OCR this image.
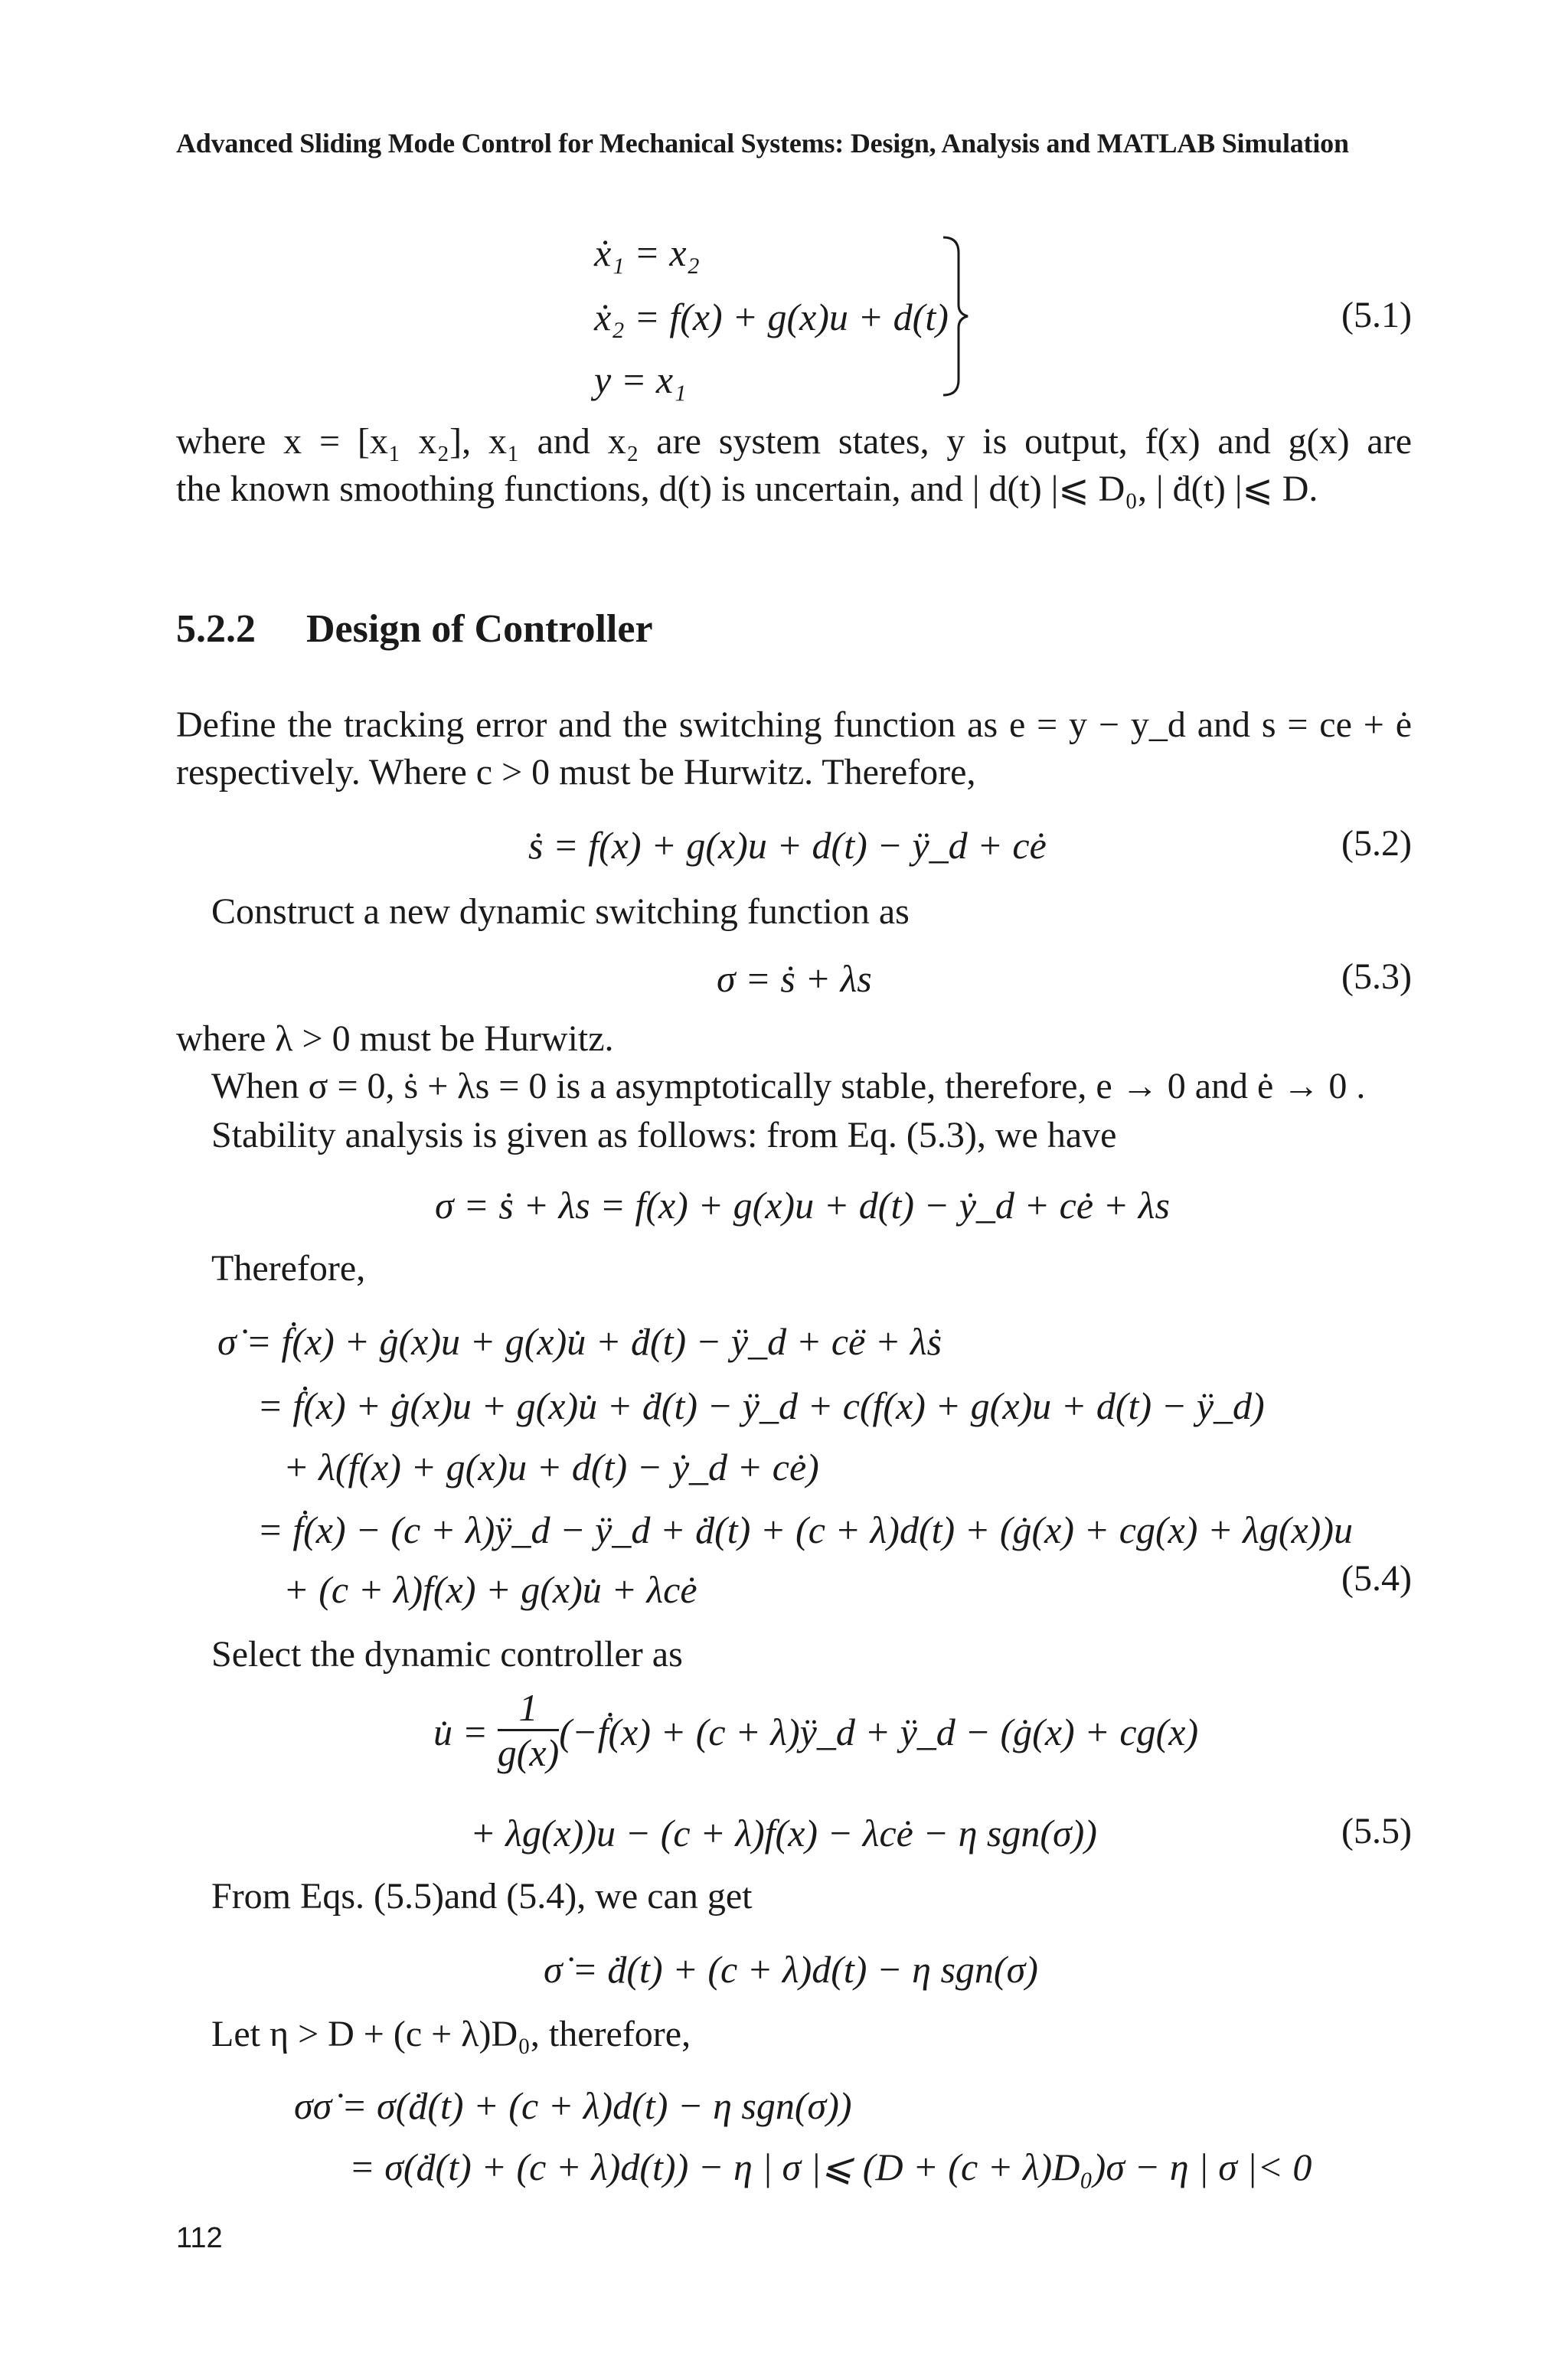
Advanced Sliding Mode Control for Mechanical Systems: Design, Analysis and MATLAB Simulation
ẋ₁ = x₂
ẋ₂ = f(x) + g(x)u + d(t)
y = x₁
(5.1)
where x = [x₁ x₂], x₁ and x₂ are system states, y is output, f(x) and g(x) are
the known smoothing functions, d(t) is uncertain, and | d(t) |⩽ D₀, | ḋ(t) |⩽ D.
5.2.2 Design of Controller
Define the tracking error and the switching function as e = y − y_d and s = ce + ė
respectively. Where c > 0 must be Hurwitz. Therefore,
ṡ = f(x) + g(x)u + d(t) − ÿ_d + cė	(5.2)
Construct a new dynamic switching function as
σ = ṡ + λs	(5.3)
where λ > 0 must be Hurwitz.
When σ = 0, ṡ + λs = 0 is a asymptotically stable, therefore, e → 0 and ė → 0 .
Stability analysis is given as follows: from Eq. (5.3), we have
σ = ṡ + λs = f(x) + g(x)u + d(t) − ẏ_d + cė + λs
Therefore,
σ̇ = ḟ(x) + ġ(x)u + g(x)u̇ + ḋ(t) − ÿ_d + cë + λṡ
= ḟ(x) + ġ(x)u + g(x)u̇ + ḋ(t) − ÿ_d + c(f(x) + g(x)u + d(t) − ÿ_d)
+ λ(f(x) + g(x)u + d(t) − ẏ_d + cė)
= ḟ(x) − (c + λ)ÿ_d − ÿ_d + ḋ(t) + (c + λ)d(t) + (ġ(x) + cg(x) + λg(x))u
+ (c + λ)f(x) + g(x)u̇ + λcė	(5.4)
Select the dynamic controller as
u̇ = $\frac{1}{g(x)}$ (−ḟ(x) + (c + λ)ÿ_d + ÿ_d − (ġ(x) + cg(x)
+ λg(x))u − (c + λ)f(x) − λcė − η sgn(σ))	(5.5)
From Eqs. (5.5)and (5.4), we can get
σ̇ = ḋ(t) + (c + λ)d(t) − η sgn(σ)
Let η > D + (c + λ)D₀, therefore,
σσ̇ = σ(ḋ(t) + (c + λ)d(t) − η sgn(σ))
= σ(ḋ(t) + (c + λ)d(t)) − η | σ |⩽ (D + (c + λ)D₀)σ − η | σ |< 0
112
